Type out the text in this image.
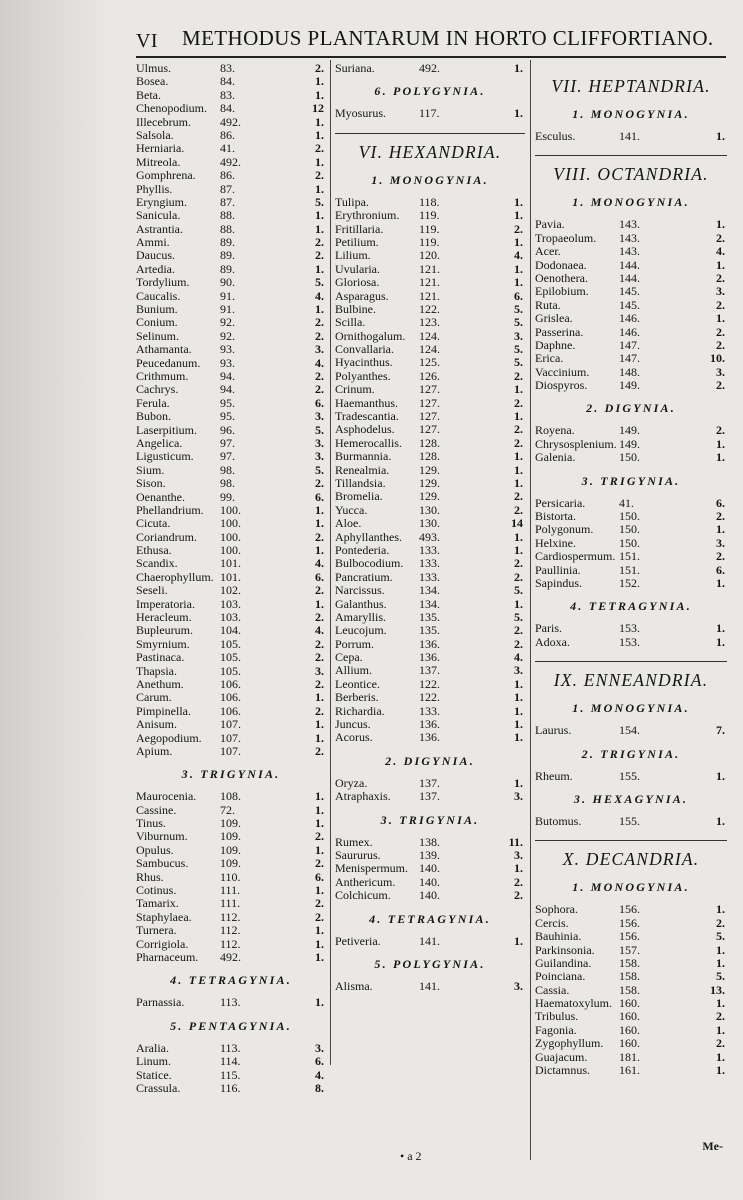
VI METHODUS PLANTARUM IN HORTO CLIFFORTIANO.
Ulmus.	83.	2.
Bosea.	84.	1.
Beta.	83.	1.
Chenopodium. 84.	12
Illecebrum. 492.	1.
Salsola.	86.	1.
Herniaria.	41.	2.
Mitreola.	492.	1.
Gomphrena. 86.	2.
Phyllis.	87.	1.
Eryngium.	87.	5.
Sanicula.	88.	1.
Astrantia.	88.	1.
Ammi.	89.	2.
Daucus.	89.	2.
Artedia.	89.	1.
Tordylium.	90.	5.
Caucalis.	91.	4.
Bunium.	91.	1.
Conium.	92.	2.
Selinum.	92.	2.
Athamanta. 93.	3.
Peucedanum. 93.	4.
Crithmum.	94.	2.
Cachrys.	94.	2.
Ferula.	95.	6.
Bubon.	95.	3.
Laserpitium. 96.	5.
Angelica.	97.	3.
Ligusticum. 97.	3.
Sium.	98.	5.
Sison.	98.	2.
Oenanthe.	99.	6.
Phellandrium. 100.	1.
Cicuta.	100.	1.
Coriandrum. 100.	2.
Ethusa.	100.	1.
Scandix.	101.	4.
Chaerophyllum. 101.	6.
Seseli.	102.	2.
Imperatoria. 103.	1.
Heracleum. 103.	2.
Bupleurum. 104.	4.
Smyrnium.	105.	2.
Pastinaca.	105.	2.
Thapsia.	105.	3.
Anethum.	106.	2.
Carum.	106.	1.
Pimpinella. 106.	2.
Anisum.	107.	1.
Aegopodium. 107.	1.
Apium.	107.	2.
3. TRIGYNIA.
Maurocenia. 108.	1.
Cassine.	72.	1.
Tinus.	109.	1.
Viburnum.	109.	2.
Opulus.	109.	1.
Sambucus.	109.	2.
Rhus.	110.	6.
Cotinus.	111.	1.
Tamarix.	111.	2.
Staphylaea. 112.	2.
Turnera.	112.	1.
Corrigiola.	112.	1.
Pharnaceum. 492.	1.
4. TETRAGYNIA.
Parnassia.	113.	1.
5. PENTAGYNIA.
Aralia.	113.	3.
Linum.	114.	6.
Statice.	115.	4.
Crassula.	116.	8.
Suriana.	492.	1.
6. POLYGYNIA.
Myosurus.	117.	1.
VI. HEXANDRIA.
1. MONOGYNIA.
Tulipa.	118.	1.
Erythronium. 119.	1.
Fritillaria.	119.	2.
Petilium.	119.	1.
Lilium.	120.	4.
Uvularia.	121.	1.
Gloriosa.	121.	1.
Asparagus.	121.	6.
Bulbine.	122.	5.
Scilla.	123.	5.
Ornithogalum. 124.	3.
Convallaria. 124.	5.
Hyacinthus. 125.	5.
Polyanthes. 126.	2.
Crinum.	127.	1.
Haemanthus. 127.	2.
Tradescantia. 127.	1.
Asphodelus. 127.	2.
Hemerocallis. 128.	2.
Burmannia. 128.	1.
Renealmia. 129.	1.
Tillandsia.	129.	1.
Bromelia.	129.	2.
Yucca.	130.	2.
Aloe.	130.	14
Aphyllanthes. 493.	1.
Pontederia. 133.	1.
Bulbocodium. 133.	2.
Pancratium. 133.	2.
Narcissus.	134.	5.
Galanthus.	134.	1.
Amaryllis.	135.	5.
Leucojum.	135.	2.
Porrum.	136.	2.
Cepa.	136.	4.
Allium.	137.	3.
Leontice.	122.	1.
Berberis.	122.	1.
Richardia.	133.	1.
Juncus.	136.	1.
Acorus.	136.	1.
2. DIGYNIA.
Oryza.	137.	1.
Atraphaxis. 137.	3.
3. TRIGYNIA.
Rumex.	138.	11.
Saururus.	139.	3.
Menispermum. 140.	1.
Anthericum. 140.	2.
Colchicum. 140.	2.
4. TETRAGYNIA.
Petiveria.	141.	1.
5. POLYGYNIA.
Alisma.	141.	3.
VII. HEPTANDRIA.
1. MONOGYNIA.
Esculus.	141.	1.
VIII. OCTANDRIA.
1. MONOGYNIA.
Pavia.	143.	1.
Tropaeolum. 143.	2.
Acer.	143.	4.
Dodonaea.	144.	1.
Oenothera.	144.	2.
Epilobium.	145.	3.
Ruta.	145.	2.
Grislea.	146.	1.
Passerina.	146.	2.
Daphne.	147.	2.
Erica.	147.	10.
Vaccinium. 148.	3.
Diospyros.	149.	2.
2. DIGYNIA.
Royena.	149.	2.
Chrysosplenium. 149.	1.
Galenia.	150.	1.
3. TRIGYNIA.
Persicaria.	41.	6.
Bistorta.	150.	2.
Polygonum. 150.	1.
Helxine.	150.	3.
Cardiospermum. 151.	2.
Paullinia.	151.	6.
Sapindus.	152.	1.
4. TETRAGYNIA.
Paris.	153.	1.
Adoxa.	153.	1.
IX. ENNEANDRIA.
1. MONOGYNIA.
Laurus.	154.	7.
2. TRIGYNIA.
Rheum.	155.	1.
3. HEXAGYNIA.
Butomus.	155.	1.
X. DECANDRIA.
1. MONOGYNIA.
Sophora.	156.	1.
Cercis.	156.	2.
Bauhinia.	156.	5.
Parkinsonia. 157.	1.
Guilandina. 158.	1.
Poinciana.	158.	5.
Cassia.	158.	13.
Haematoxylum. 160.	1.
Tribulus.	160.	2.
Fagonia.	160.	1.
Zygophyllum. 160.	2.
Guajacum.	181.	1.
Dictamnus. 161.	1.
• a 2
Me-
